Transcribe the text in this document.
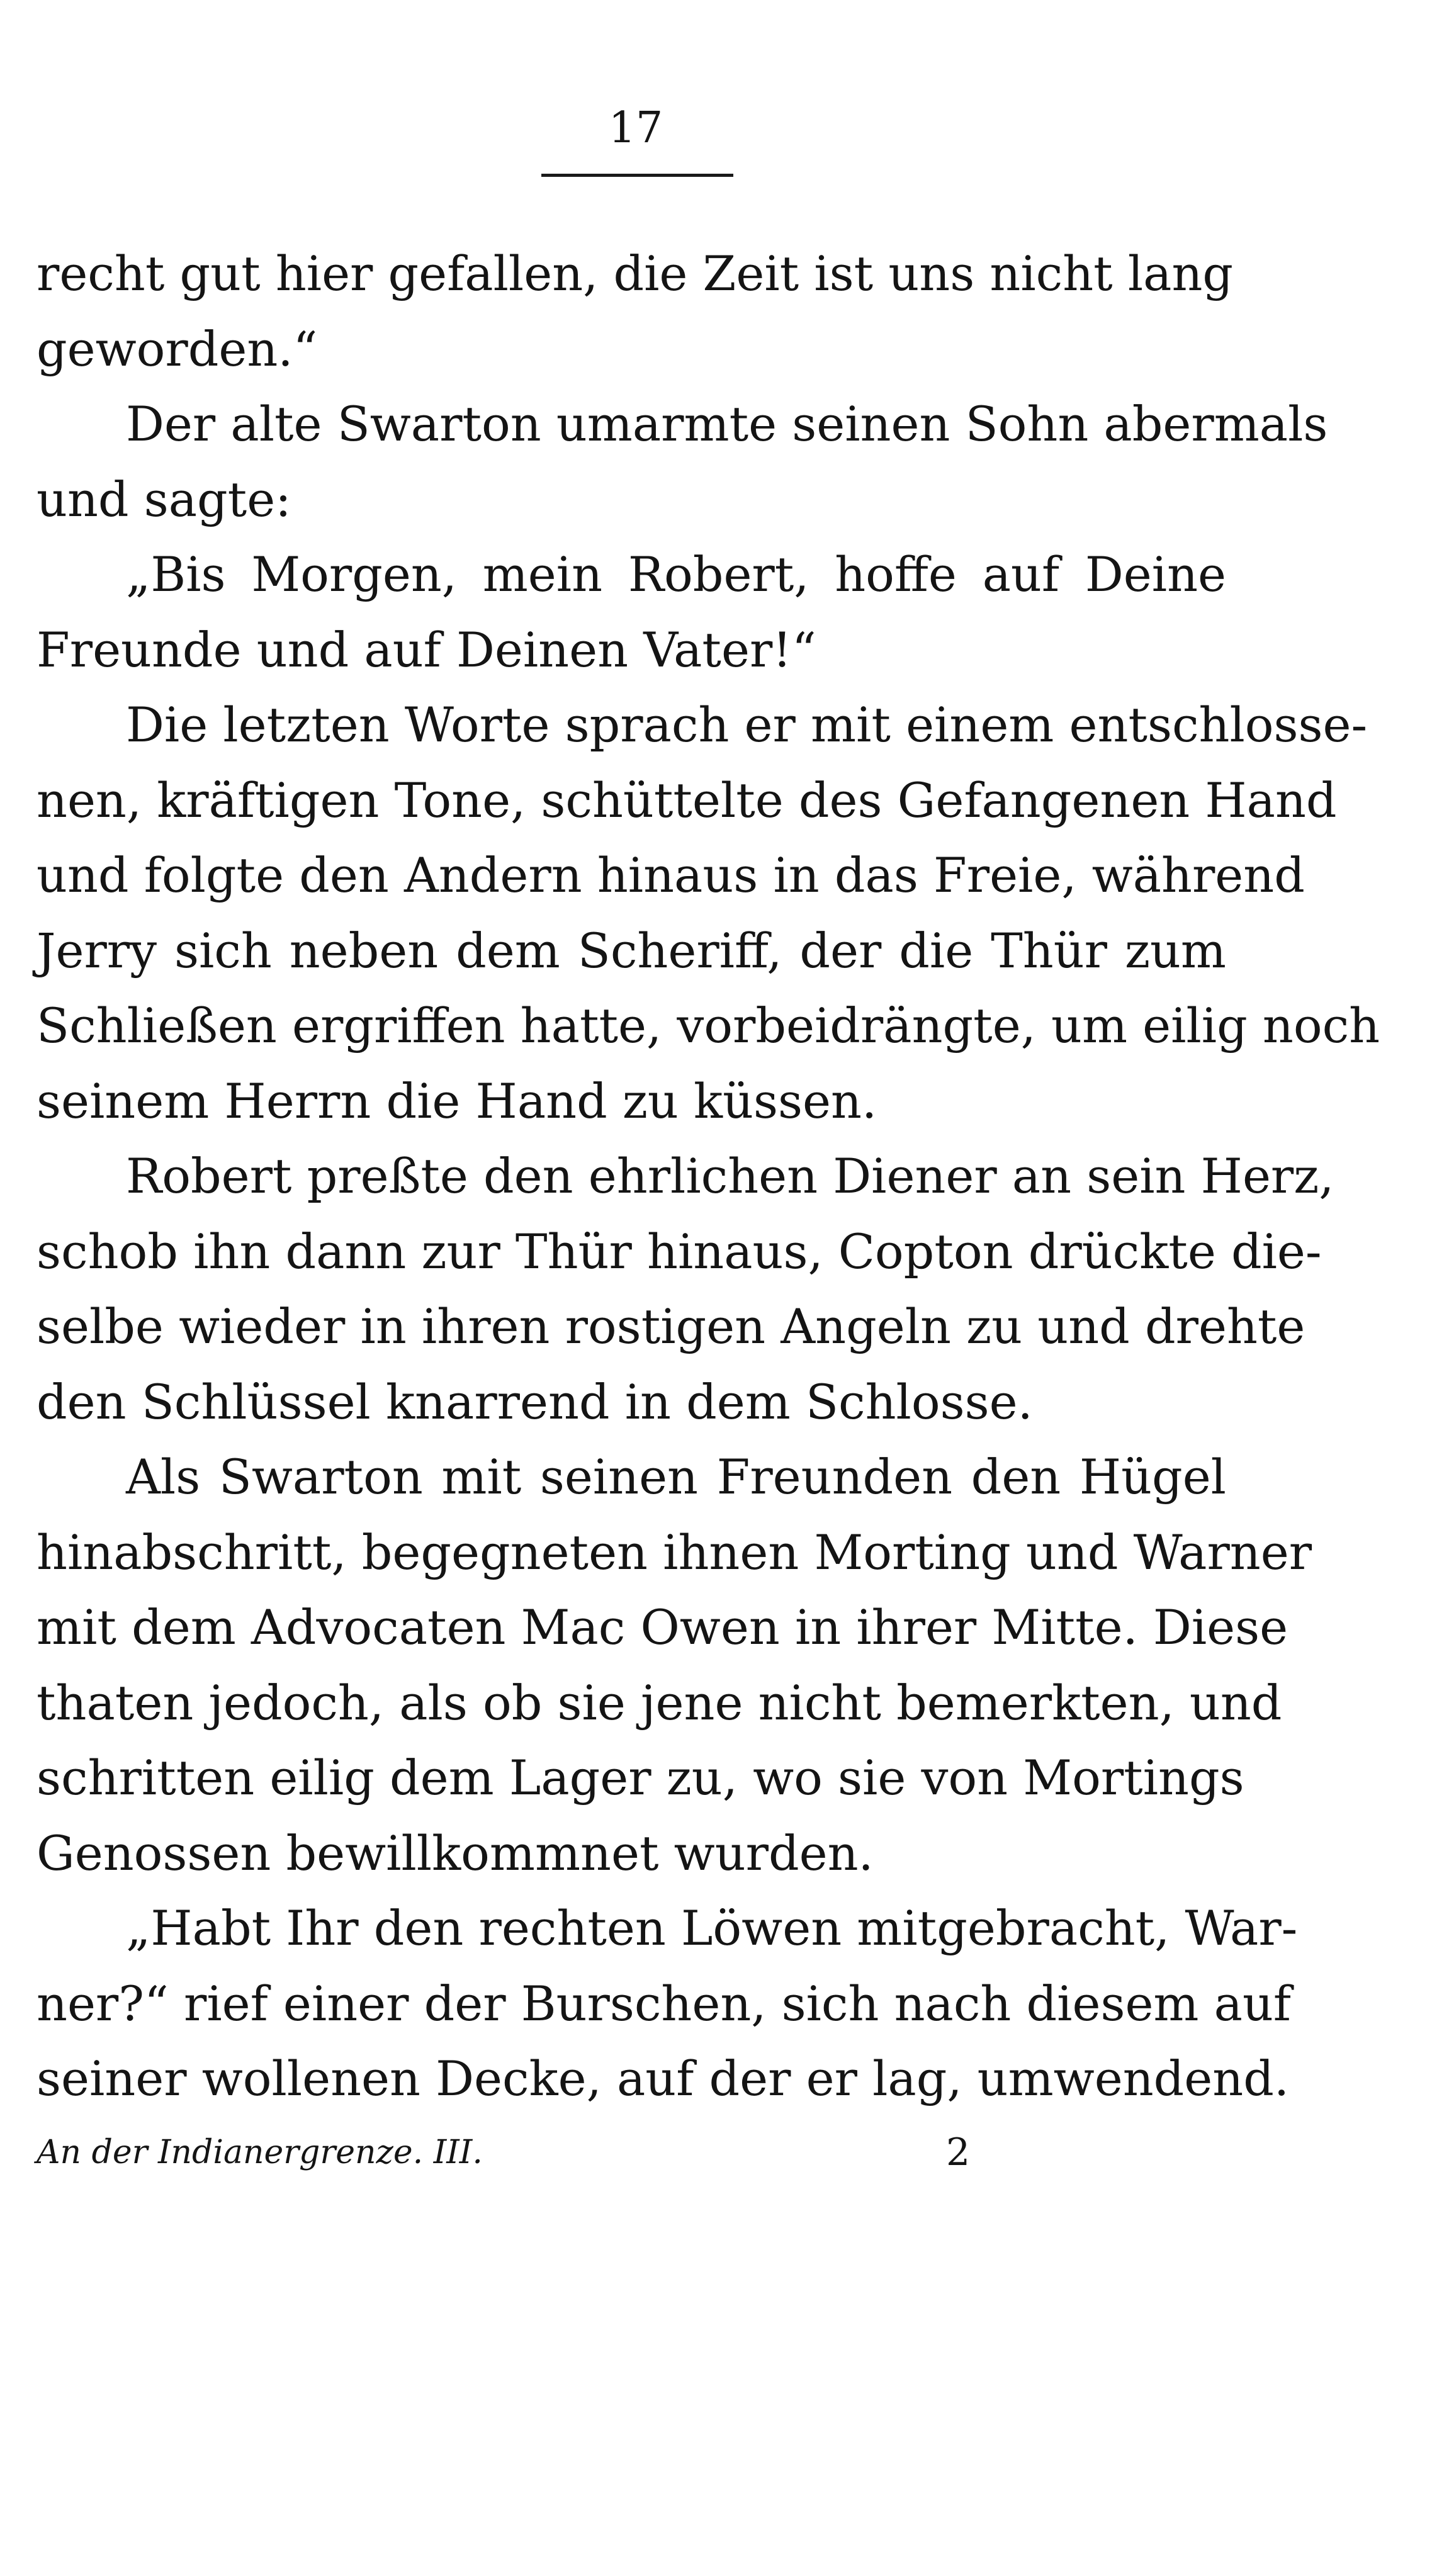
17
recht gut hier gefallen, die Zeit ist uns nicht lang
geworden.“
Der alte Swarton umarmte seinen Sohn abermals
und sagte:
„Bis Morgen, mein Robert, hoffe auf Deine
Freunde und auf Deinen Vater!“
Die letzten Worte sprach er mit einem entschlosse-
nen, kräftigen Tone, schüttelte des Gefangenen Hand
und folgte den Andern hinaus in das Freie, während
Jerry sich neben dem Scheriff, der die Thür zum
Schließen ergriffen hatte, vorbeidrängte, um eilig noch
seinem Herrn die Hand zu küssen.
Robert preßte den ehrlichen Diener an sein Herz,
schob ihn dann zur Thür hinaus, Copton drückte die-
selbe wieder in ihren rostigen Angeln zu und drehte
den Schlüssel knarrend in dem Schlosse.
Als Swarton mit seinen Freunden den Hügel
hinabschritt, begegneten ihnen Morting und Warner
mit dem Advocaten Mac Owen in ihrer Mitte. Diese
thaten jedoch, als ob sie jene nicht bemerkten, und
schritten eilig dem Lager zu, wo sie von Mortings
Genossen bewillkommnet wurden.
„Habt Ihr den rechten Löwen mitgebracht, War-
ner?“ rief einer der Burschen, sich nach diesem auf
seiner wollenen Decke, auf der er lag, umwendend.
An der Indianergrenze. III.	2
